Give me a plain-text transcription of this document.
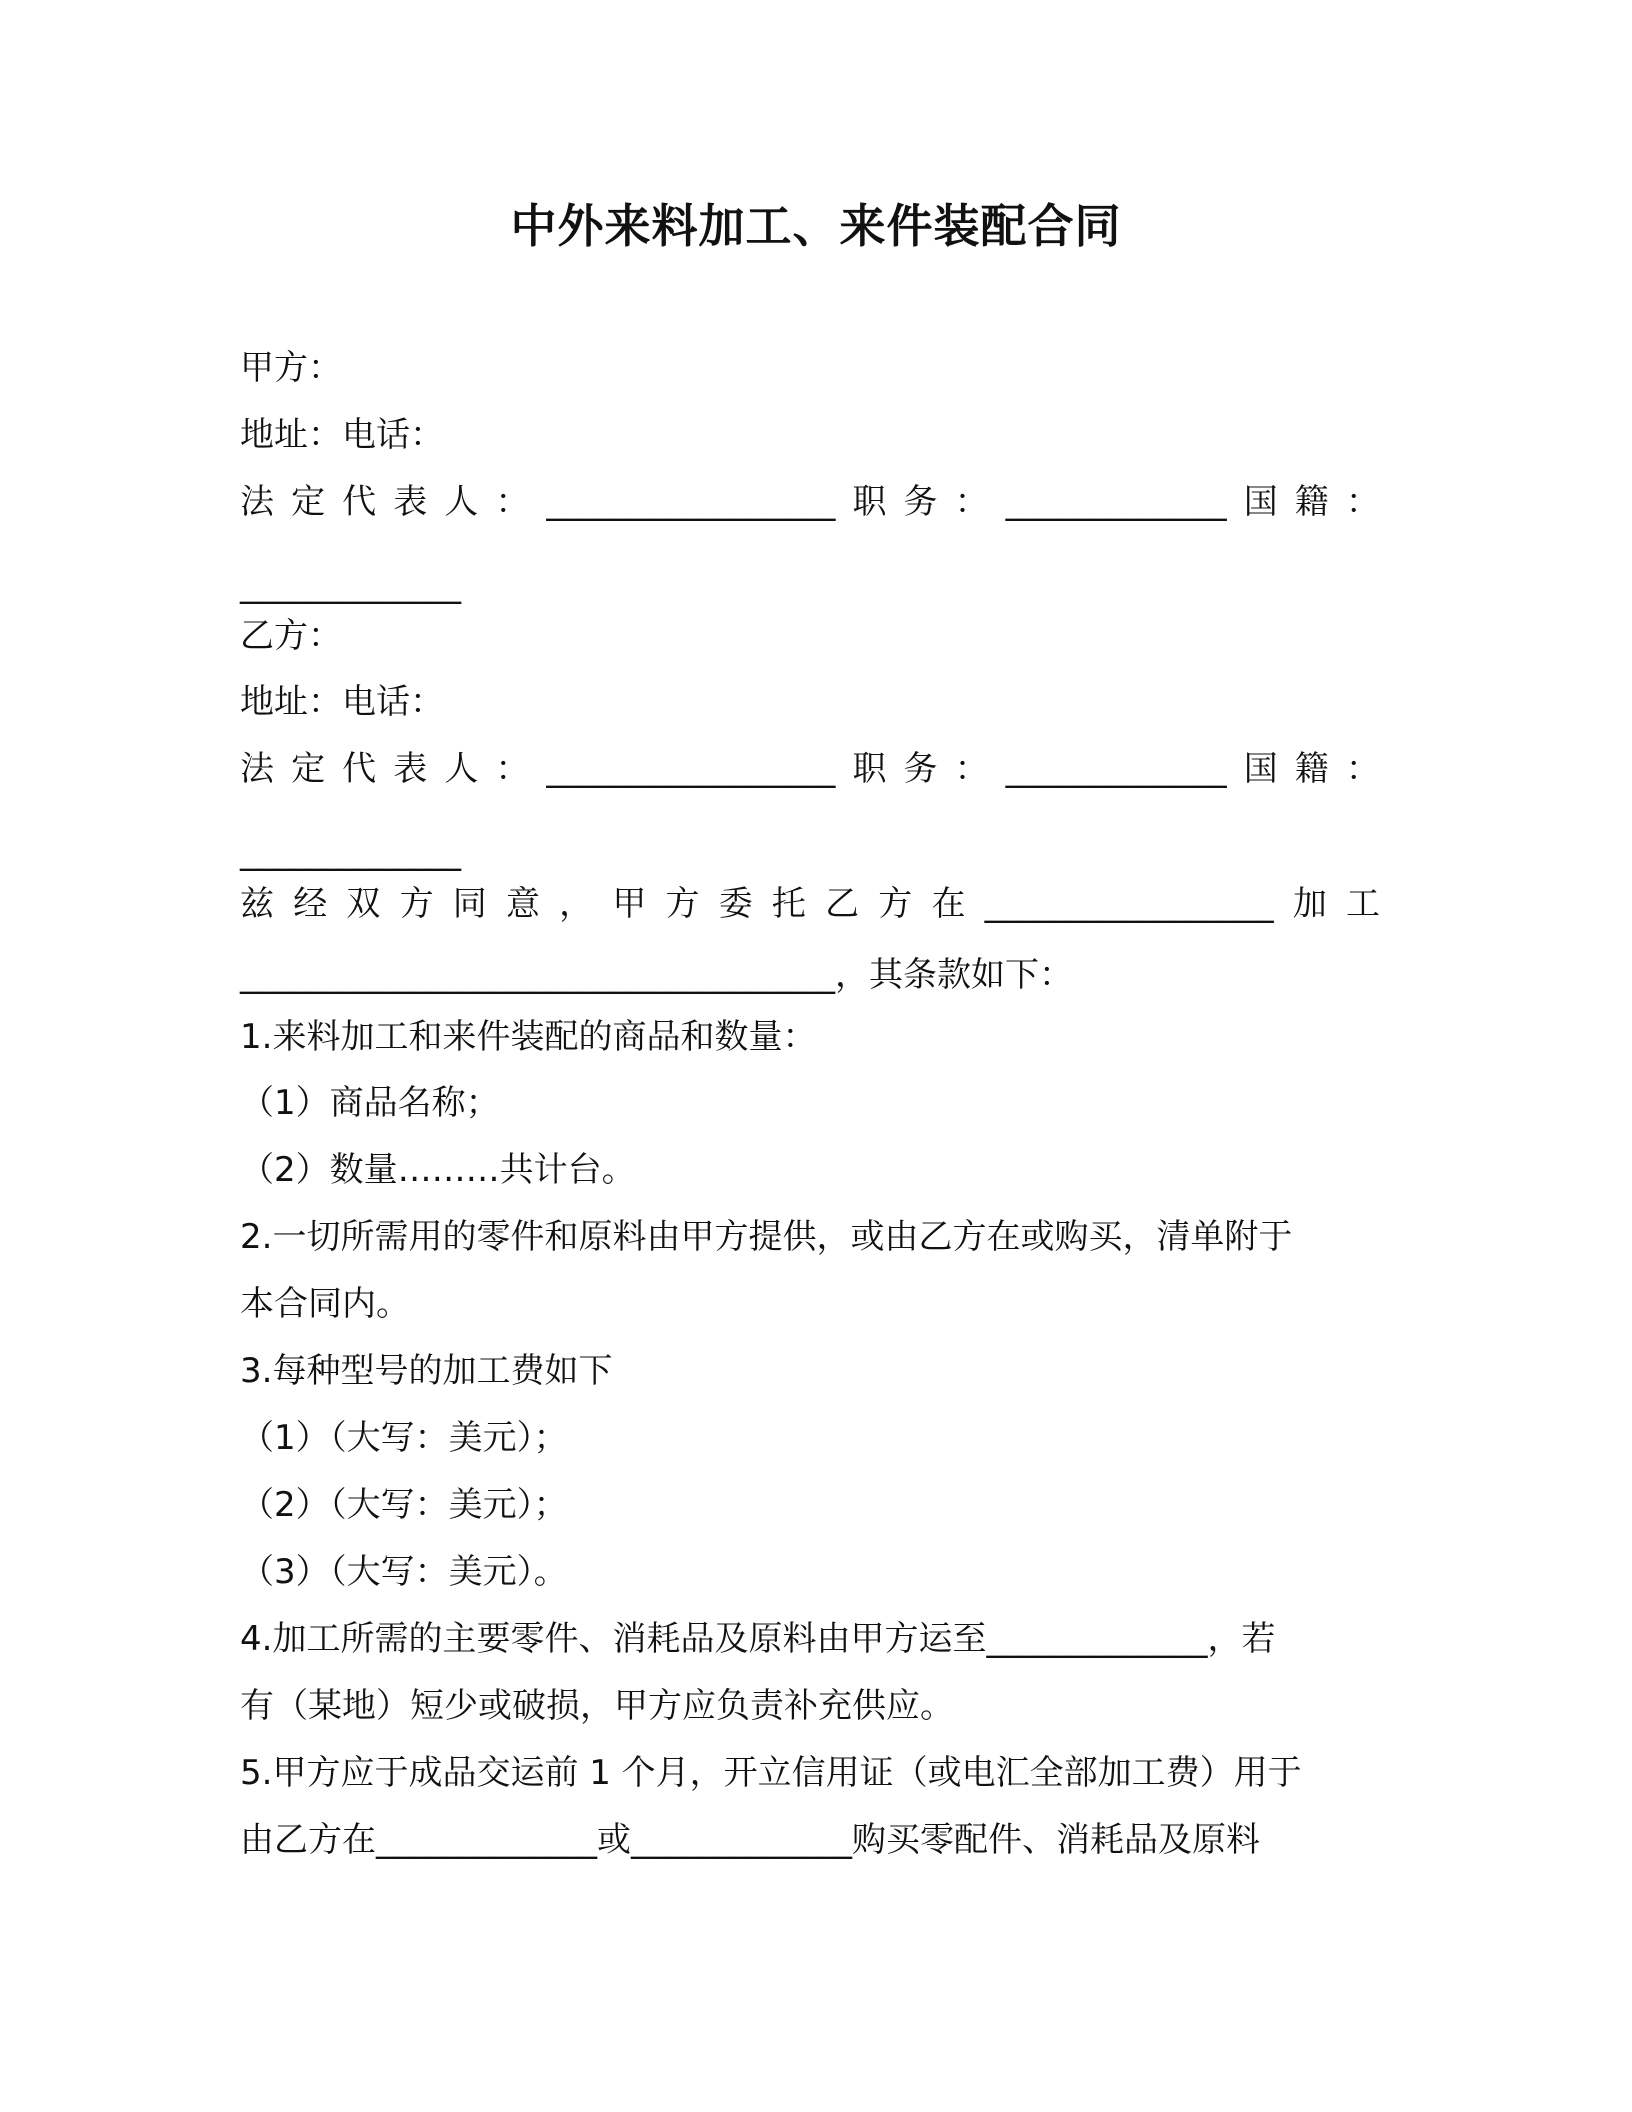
中外来料加工、来件装配合同
甲方：
地址：电话：
法 定 代 表 人 ： _________________ 职 务 ： _____________ 国 籍 ：
_____________
乙方：
地址：电话：
法 定 代 表 人 ： _________________ 职 务 ： _____________ 国 籍 ：
_____________
兹 经 双 方 同 意 ， 甲 方 委 托 乙 方 在 _________________ 加 工
___________________________________，其条款如下：
1.来料加工和来件装配的商品和数量：
（1）商品名称；
（2）数量………共计台。
2.一切所需用的零件和原料由甲方提供，或由乙方在或购买，清单附于
本合同内。
3.每种型号的加工费如下
（1）（大写：美元）；
（2）（大写：美元）；
（3）（大写：美元）。
4.加工所需的主要零件、消耗品及原料由甲方运至_____________，若
有（某地）短少或破损，甲方应负责补充供应。
5.甲方应于成品交运前 1 个月，开立信用证（或电汇全部加工费）用于
由乙方在_____________或_____________购买零配件、消耗品及原料
